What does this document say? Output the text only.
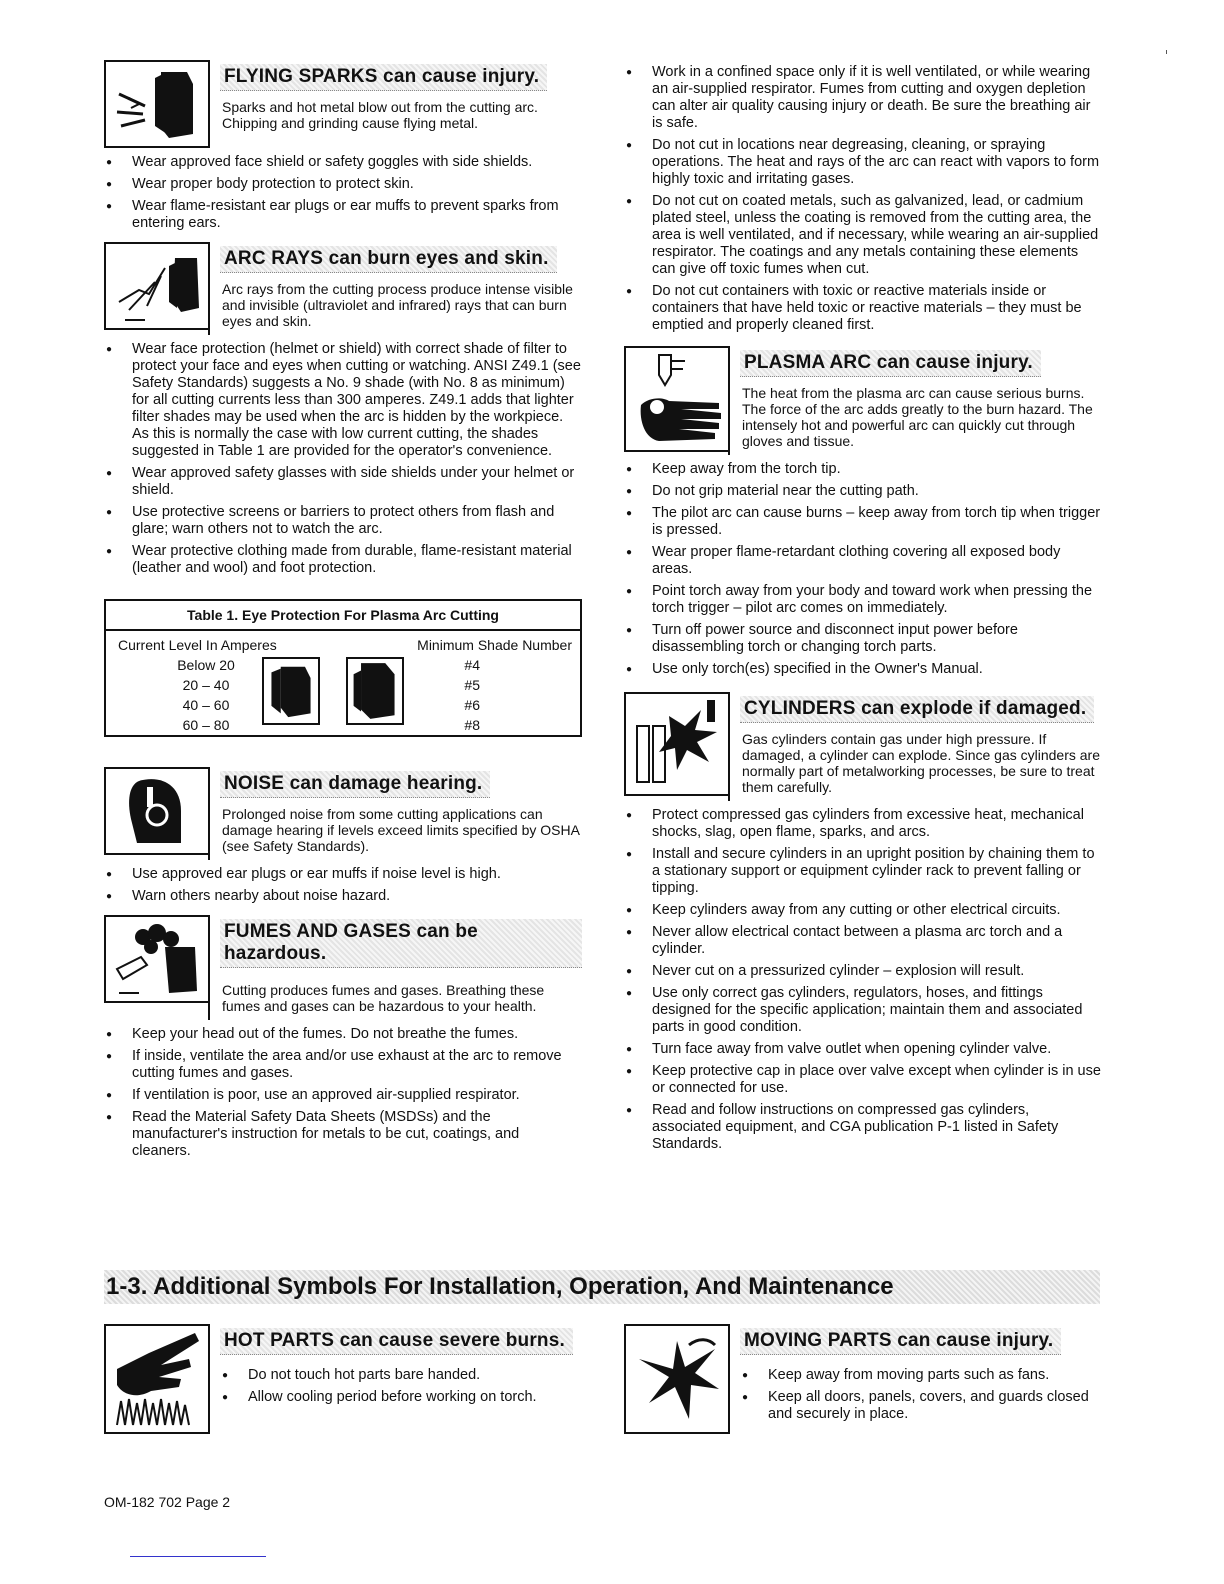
FLYING SPARKS can cause injury.
Sparks and hot metal blow out from the cutting arc. Chipping and grinding cause flying metal.
● Wear approved face shield or safety goggles with side shields.
● Wear proper body protection to protect skin.
● Wear flame-resistant ear plugs or ear muffs to prevent sparks from entering ears.
ARC RAYS can burn eyes and skin.
Arc rays from the cutting process produce intense visible and invisible (ultraviolet and infrared) rays that can burn eyes and skin.
● Wear face protection (helmet or shield) with correct shade of filter to protect your face and eyes when cutting or watching. ANSI Z49.1 (see Safety Standards) suggests a No. 9 shade (with No. 8 as minimum) for all cutting currents less than 300 amperes. Z49.1 adds that lighter filter shades may be used when the arc is hidden by the workpiece. As this is normally the case with low current cutting, the shades suggested in Table 1 are provided for the operator's convenience.
● Wear approved safety glasses with side shields under your helmet or shield.
● Use protective screens or barriers to protect others from flash and glare; warn others not to watch the arc.
● Wear protective clothing made from durable, flame-resistant material (leather and wool) and foot protection.
Table 1. Eye Protection For Plasma Arc Cutting
Current Level In Amperes	Minimum Shade Number
Below 20	#4
20 – 40	#5
40 – 60	#6
60 – 80	#8
NOISE can damage hearing.
Prolonged noise from some cutting applications can damage hearing if levels exceed limits specified by OSHA (see Safety Standards).
● Use approved ear plugs or ear muffs if noise level is high.
● Warn others nearby about noise hazard.
FUMES AND GASES can be hazardous.
Cutting produces fumes and gases. Breathing these fumes and gases can be hazardous to your health.
● Keep your head out of the fumes. Do not breathe the fumes.
● If inside, ventilate the area and/or use exhaust at the arc to remove cutting fumes and gases.
● If ventilation is poor, use an approved air-supplied respirator.
● Read the Material Safety Data Sheets (MSDSs) and the manufacturer's instruction for metals to be cut, coatings, and cleaners.
● Work in a confined space only if it is well ventilated, or while wearing an air-supplied respirator. Fumes from cutting and oxygen depletion can alter air quality causing injury or death. Be sure the breathing air is safe.
● Do not cut in locations near degreasing, cleaning, or spraying operations. The heat and rays of the arc can react with vapors to form highly toxic and irritating gases.
● Do not cut on coated metals, such as galvanized, lead, or cadmium plated steel, unless the coating is removed from the cutting area, the area is well ventilated, and if necessary, while wearing an air-supplied respirator. The coatings and any metals containing these elements can give off toxic fumes when cut.
● Do not cut containers with toxic or reactive materials inside or containers that have held toxic or reactive materials – they must be emptied and properly cleaned first.
PLASMA ARC can cause injury.
The heat from the plasma arc can cause serious burns. The force of the arc adds greatly to the burn hazard. The intensely hot and powerful arc can quickly cut through gloves and tissue.
● Keep away from the torch tip.
● Do not grip material near the cutting path.
● The pilot arc can cause burns – keep away from torch tip when trigger is pressed.
● Wear proper flame-retardant clothing covering all exposed body areas.
● Point torch away from your body and toward work when pressing the torch trigger – pilot arc comes on immediately.
● Turn off power source and disconnect input power before disassembling torch or changing torch parts.
● Use only torch(es) specified in the Owner's Manual.
CYLINDERS can explode if damaged.
Gas cylinders contain gas under high pressure. If damaged, a cylinder can explode. Since gas cylinders are normally part of metalworking processes, be sure to treat them carefully.
● Protect compressed gas cylinders from excessive heat, mechanical shocks, slag, open flame, sparks, and arcs.
● Install and secure cylinders in an upright position by chaining them to a stationary support or equipment cylinder rack to prevent falling or tipping.
● Keep cylinders away from any cutting or other electrical circuits.
● Never allow electrical contact between a plasma arc torch and a cylinder.
● Never cut on a pressurized cylinder – explosion will result.
● Use only correct gas cylinders, regulators, hoses, and fittings designed for the specific application; maintain them and associated parts in good condition.
● Turn face away from valve outlet when opening cylinder valve.
● Keep protective cap in place over valve except when cylinder is in use or connected for use.
● Read and follow instructions on compressed gas cylinders, associated equipment, and CGA publication P-1 listed in Safety Standards.
1-3. Additional Symbols For Installation, Operation, And Maintenance
HOT PARTS can cause severe burns.
● Do not touch hot parts bare handed.
● Allow cooling period before working on torch.
MOVING PARTS can cause injury.
● Keep away from moving parts such as fans.
● Keep all doors, panels, covers, and guards closed and securely in place.
OM-182 702 Page 2
